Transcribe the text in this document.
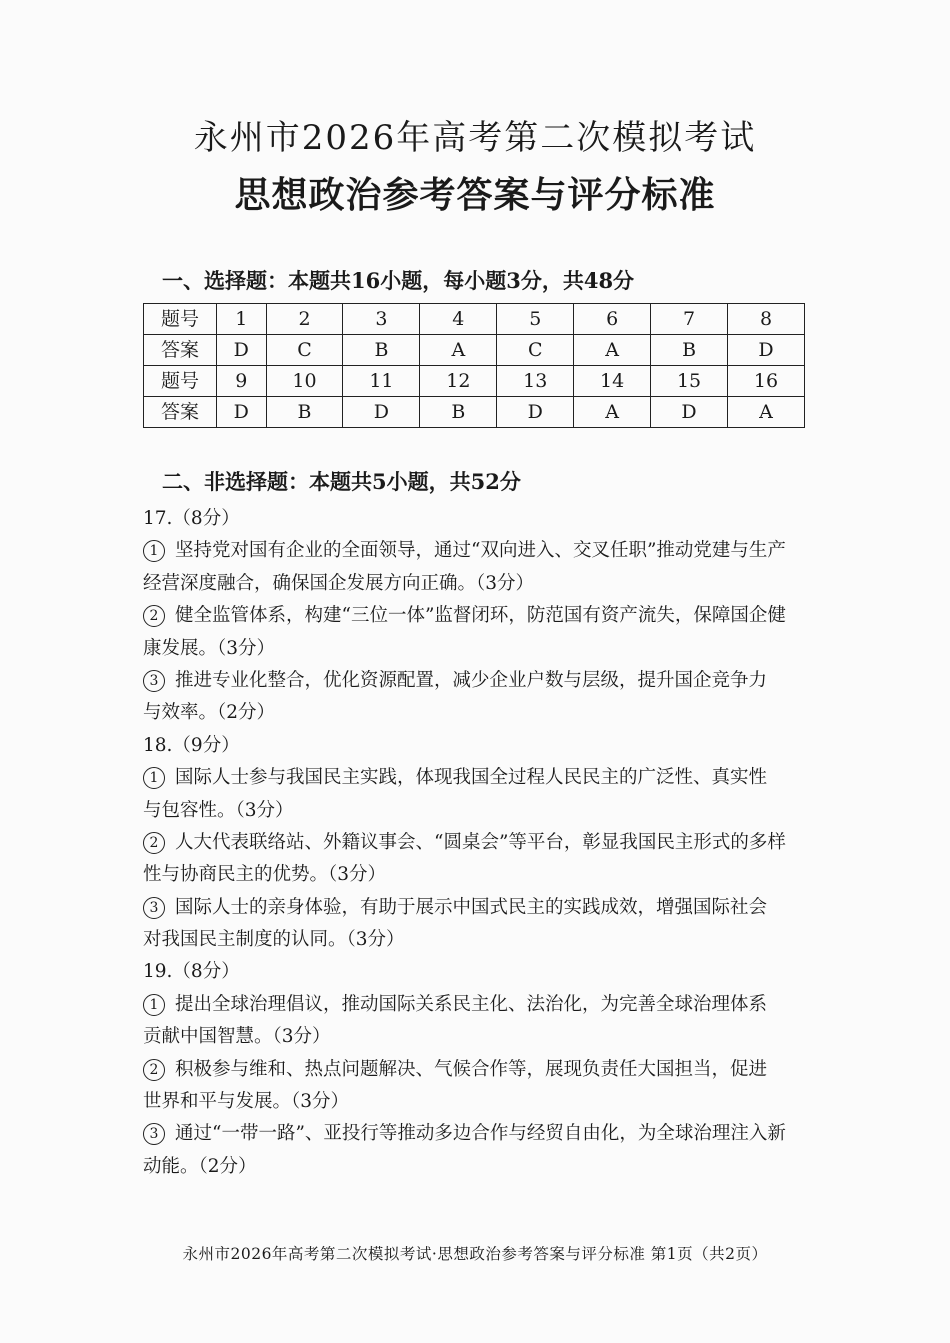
永州市2026年高考第二次模拟考试
思想政治参考答案与评分标准
一、选择题：本题共16小题，每小题3分，共48分
题号	1	2	3	4	5	6	7	8
答案	D	C	B	A	C	A	B	D
题号	9	10	11	12	13	14	15	16
答案	D	B	D	B	D	A	D	A
二、非选择题：本题共5小题，共52分
17.（8分）
1 坚持党对国有企业的全面领导，通过“双向进入、交叉任职”推动党建与生产
经营深度融合，确保国企发展方向正确。（3分）
2 健全监管体系，构建“三位一体”监督闭环，防范国有资产流失，保障国企健
康发展。（3分）
3 推进专业化整合，优化资源配置，减少企业户数与层级，提升国企竞争力
与效率。（2分）
18.（9分）
1 国际人士参与我国民主实践，体现我国全过程人民民主的广泛性、真实性
与包容性。（3分）
2 人大代表联络站、外籍议事会、“圆桌会”等平台，彰显我国民主形式的多样
性与协商民主的优势。（3分）
3 国际人士的亲身体验，有助于展示中国式民主的实践成效，增强国际社会
对我国民主制度的认同。（3分）
19.（8分）
1 提出全球治理倡议，推动国际关系民主化、法治化，为完善全球治理体系
贡献中国智慧。（3分）
2 积极参与维和、热点问题解决、气候合作等，展现负责任大国担当，促进
世界和平与发展。（3分）
3 通过“一带一路”、亚投行等推动多边合作与经贸自由化，为全球治理注入新
动能。（2分）
永州市2026年高考第二次模拟考试·思想政治参考答案与评分标准 第1页（共2页）
